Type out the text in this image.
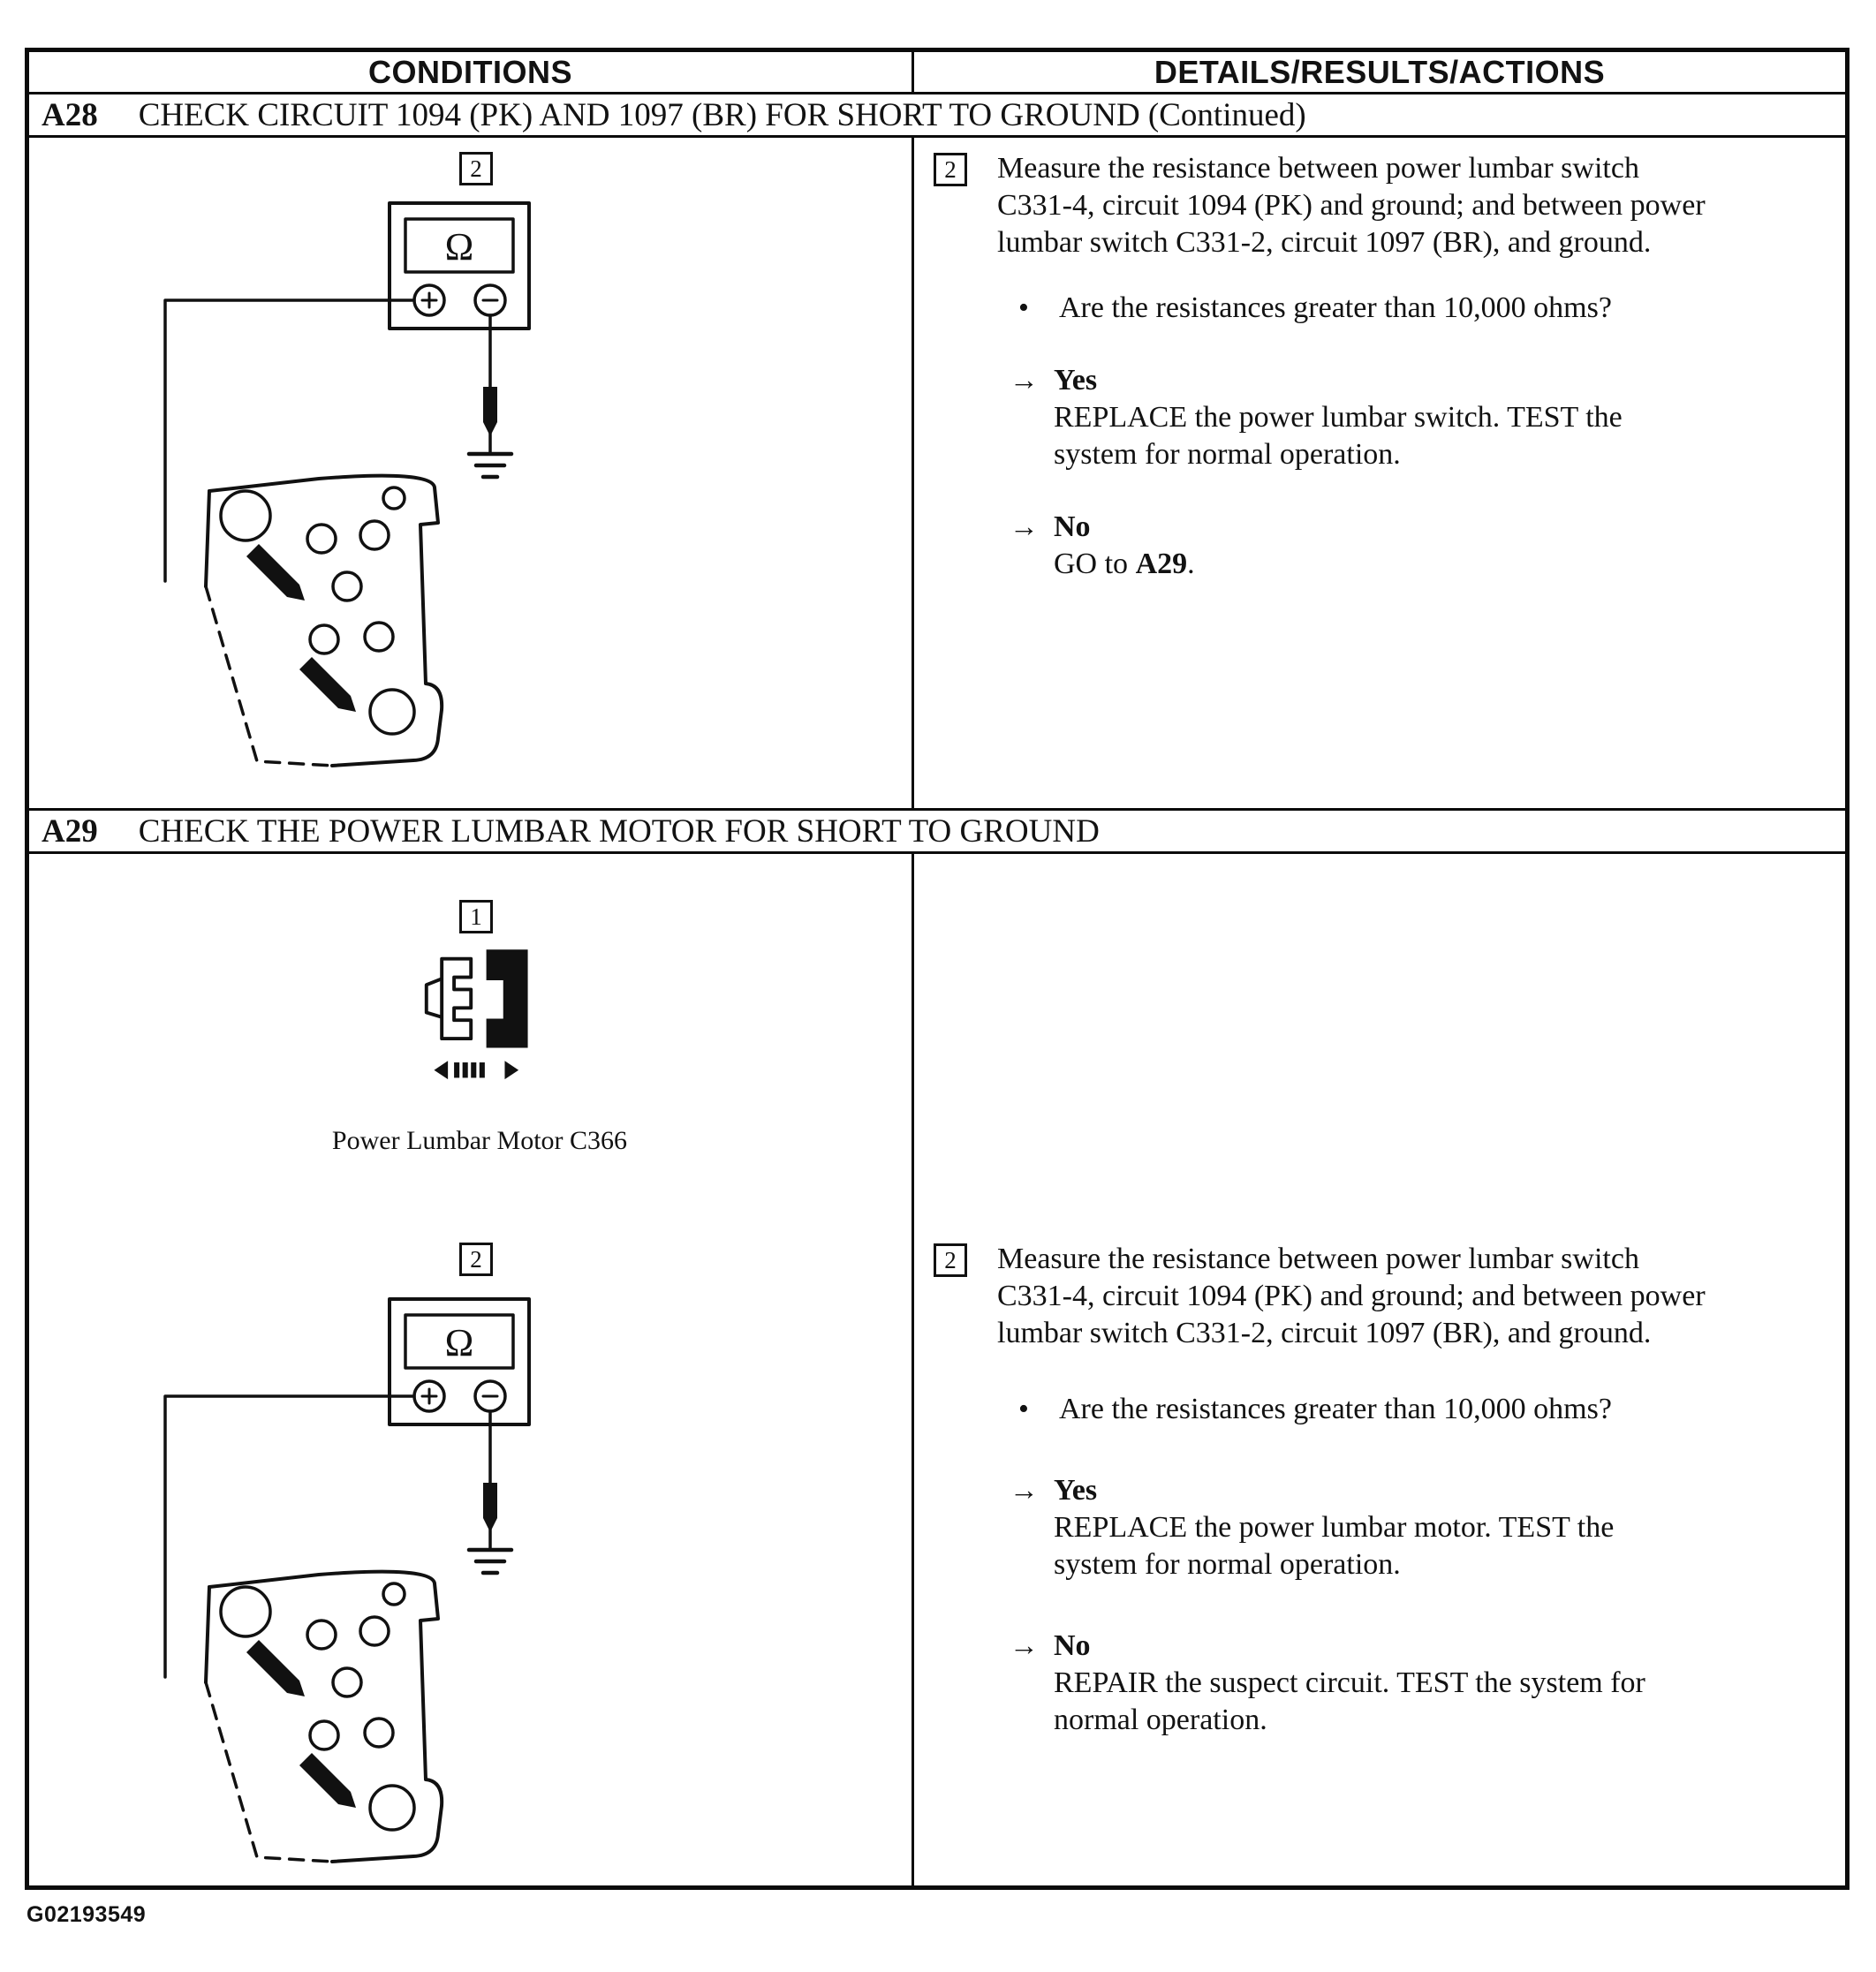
CONDITIONS	DETAILS/RESULTS/ACTIONS
A28 CHECK CIRCUIT 1094 (PK) AND 1097 (BR) FOR SHORT TO GROUND (Continued)
2	2	Measure the resistance between power lumbar switch C331-4, circuit 1094 (PK) and ground; and between power lumbar switch C331-2, circuit 1097 (BR), and ground.

•	Are the resistances greater than 10,000 ohms?
→ Yes
REPLACE the power lumbar switch. TEST the system for normal operation.
→ No
GO to A29.
A29 CHECK THE POWER LUMBAR MOTOR FOR SHORT TO GROUND
1
Power Lumbar Motor C366
2	2	Measure the resistance between power lumbar switch C331-4, circuit 1094 (PK) and ground; and between power lumbar switch C331-2, circuit 1097 (BR), and ground.

•	Are the resistances greater than 10,000 ohms?
→ Yes
REPLACE the power lumbar motor. TEST the system for normal operation.
→ No
REPAIR the suspect circuit. TEST the system for normal operation.
G02193549
